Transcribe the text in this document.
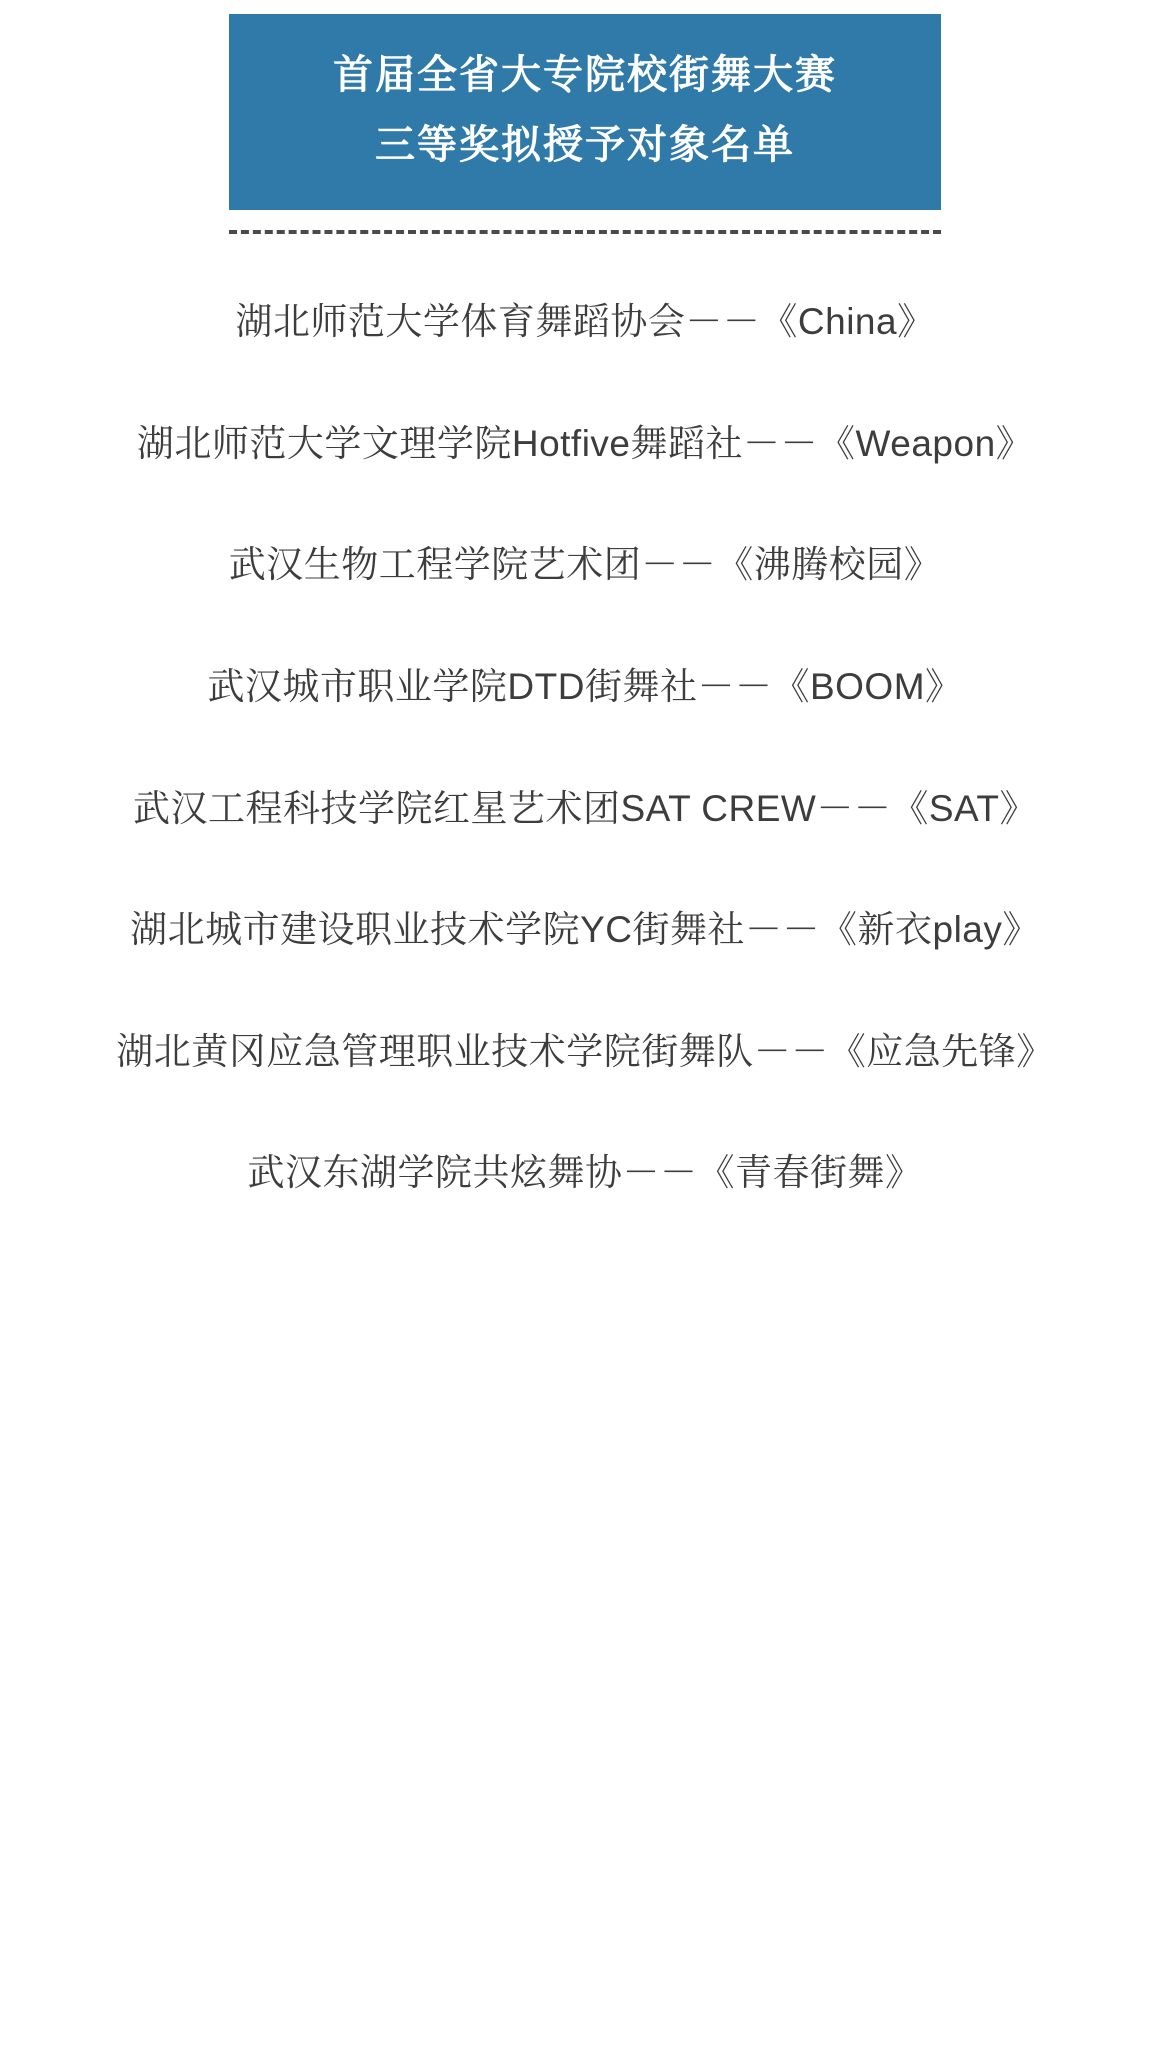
首届全省大专院校街舞大赛
三等奖拟授予对象名单

湖北师范大学体育舞蹈协会－－《China》

湖北师范大学文理学院Hotfive舞蹈社－－《Weapon》

武汉生物工程学院艺术团－－《沸腾校园》

武汉城市职业学院DTD街舞社－－《BOOM》

武汉工程科技学院红星艺术团SAT CREW－－《SAT》

湖北城市建设职业技术学院YC街舞社－－《新衣play》

湖北黄冈应急管理职业技术学院街舞队－－《应急先锋》

武汉东湖学院共炫舞协－－《青春街舞》
